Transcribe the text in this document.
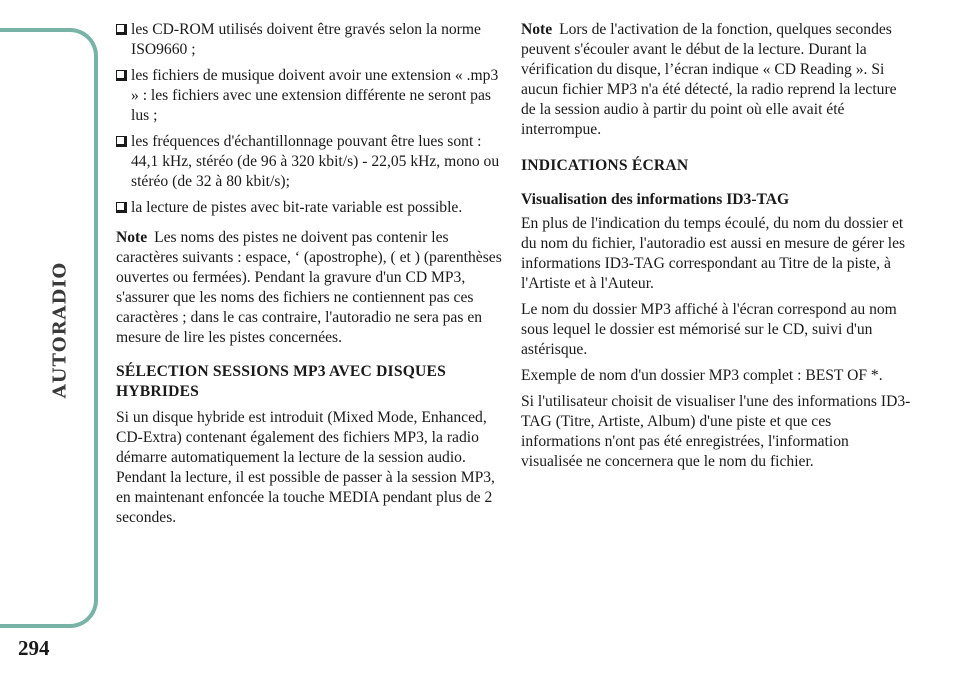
AUTORADIO
294
les CD-ROM utilisés doivent être gravés selon la norme ISO9660 ;
les fichiers de musique doivent avoir une extension « .mp3 » : les fichiers avec une extension différente ne seront pas lus ;
les fréquences d'échantillonnage pouvant être lues sont : 44,1 kHz, stéréo (de 96 à 320 kbit/s) - 22,05 kHz, mono ou stéréo (de 32 à 80 kbit/s);
la lecture de pistes avec bit-rate variable est possible.

Note Les noms des pistes ne doivent pas contenir les caractères suivants : espace, ‘ (apostrophe), ( et ) (parenthèses ouvertes ou fermées). Pendant la gravure d'un CD MP3, s'assurer que les noms des fichiers ne contiennent pas ces caractères ; dans le cas contraire, l'autoradio ne sera pas en mesure de lire les pistes concernées.

SÉLECTION SESSIONS MP3 AVEC DISQUES HYBRIDES

Si un disque hybride est introduit (Mixed Mode, Enhanced, CD-Extra) contenant également des fichiers MP3, la radio démarre automatiquement la lecture de la session audio. Pendant la lecture, il est possible de passer à la session MP3, en maintenant enfoncée la touche MEDIA pendant plus de 2 secondes.

Note Lors de l'activation de la fonction, quelques secondes peuvent s'écouler avant le début de la lecture. Durant la vérification du disque, l’écran indique « CD Reading ». Si aucun fichier MP3 n'a été détecté, la radio reprend la lecture de la session audio à partir du point où elle avait été interrompue.

INDICATIONS ÉCRAN
Visualisation des informations ID3-TAG

En plus de l'indication du temps écoulé, du nom du dossier et du nom du fichier, l'autoradio est aussi en mesure de gérer les informations ID3-TAG correspondant au Titre de la piste, à l'Artiste et à l'Auteur.

Le nom du dossier MP3 affiché à l'écran correspond au nom sous lequel le dossier est mémorisé sur le CD, suivi d'un astérisque.

Exemple de nom d'un dossier MP3 complet : BEST OF *.

Si l'utilisateur choisit de visualiser l'une des informations ID3-TAG (Titre, Artiste, Album) d'une piste et que ces informations n'ont pas été enregistrées, l'information visualisée ne concernera que le nom du fichier.
